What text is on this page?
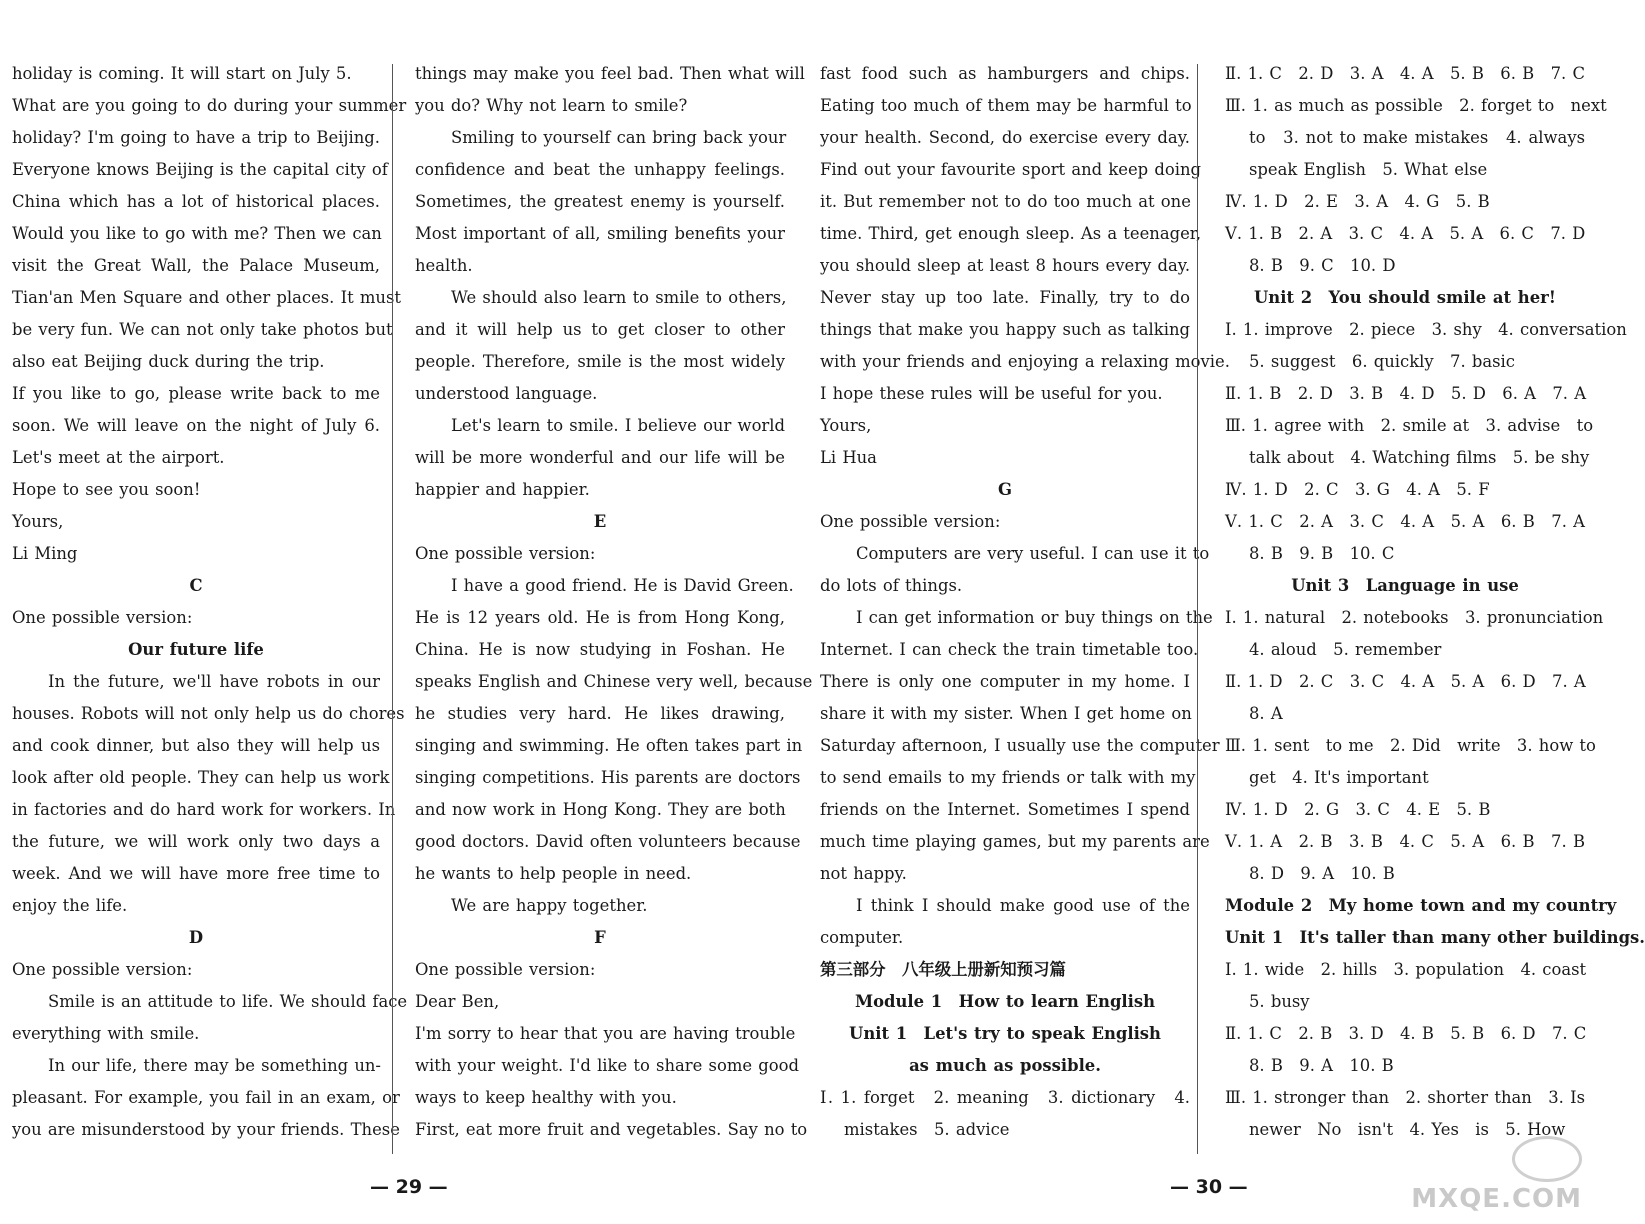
holiday is coming. It will start on July 5.
What are you going to do during your summer
holiday? I'm going to have a trip to Beijing.
Everyone knows Beijing is the capital city of
China which has a lot of historical places.
Would you like to go with me? Then we can
visit the Great Wall, the Palace Museum,
Tian'an Men Square and other places. It must
be very fun. We can not only take photos but
also eat Beijing duck during the trip.
If you like to go, please write back to me
soon. We will leave on the night of July 6.
Let's meet at the airport.
Hope to see you soon!
Yours,
Li Ming
C
One possible version:
Our future life
In the future, we'll have robots in our
houses. Robots will not only help us do chores
and cook dinner, but also they will help us
look after old people. They can help us work
in factories and do hard work for workers. In
the future, we will work only two days a
week. And we will have more free time to
enjoy the life.
D
One possible version:
Smile is an attitude to life. We should face
everything with smile.
In our life, there may be something un-
pleasant. For example, you fail in an exam, or
you are misunderstood by your friends. These
things may make you feel bad. Then what will
you do? Why not learn to smile?
Smiling to yourself can bring back your
confidence and beat the unhappy feelings.
Sometimes, the greatest enemy is yourself.
Most important of all, smiling benefits your
health.
We should also learn to smile to others,
and it will help us to get closer to other
people. Therefore, smile is the most widely
understood language.
Let's learn to smile. I believe our world
will be more wonderful and our life will be
happier and happier.
E
One possible version:
I have a good friend. He is David Green.
He is 12 years old. He is from Hong Kong,
China. He is now studying in Foshan. He
speaks English and Chinese very well, because
he studies very hard. He likes drawing,
singing and swimming. He often takes part in
singing competitions. His parents are doctors
and now work in Hong Kong. They are both
good doctors. David often volunteers because
he wants to help people in need.
We are happy together.
F
One possible version:
Dear Ben,
I'm sorry to hear that you are having trouble
with your weight. I'd like to share some good
ways to keep healthy with you.
First, eat more fruit and vegetables. Say no to
fast food such as hamburgers and chips.
Eating too much of them may be harmful to
your health. Second, do exercise every day.
Find out your favourite sport and keep doing
it. But remember not to do too much at one
time. Third, get enough sleep. As a teenager,
you should sleep at least 8 hours every day.
Never stay up too late. Finally, try to do
things that make you happy such as talking
with your friends and enjoying a relaxing movie.
I hope these rules will be useful for you.
Yours,
Li Hua
G
One possible version:
Computers are very useful. I can use it to
do lots of things.
I can get information or buy things on the
Internet. I can check the train timetable too.
There is only one computer in my home. I
share it with my sister. When I get home on
Saturday afternoon, I usually use the computer
to send emails to my friends or talk with my
friends on the Internet. Sometimes I spend
much time playing games, but my parents are
not happy.
I think I should make good use of the
computer.
第三部分　八年级上册新知预习篇
Module 1　How to learn English
Unit 1　Let's try to speak English
as much as possible.
Ⅰ. 1. forget　2. meaning　3. dictionary　4.
mistakes　5. advice
Ⅱ. 1. C　2. D　3. A　4. A　5. B　6. B　7. C
Ⅲ. 1. as much as possible　2. forget to　next
to　3. not to make mistakes　4. always
speak English　5. What else
Ⅳ. 1. D　2. E　3. A　4. G　5. B
Ⅴ. 1. B　2. A　3. C　4. A　5. A　6. C　7. D
8. B　9. C　10. D
Unit 2　You should smile at her!
Ⅰ. 1. improve　2. piece　3. shy　4. conversation
5. suggest　6. quickly　7. basic
Ⅱ. 1. B　2. D　3. B　4. D　5. D　6. A　7. A
Ⅲ. 1. agree with　2. smile at　3. advise　to
talk about　4. Watching films　5. be shy
Ⅳ. 1. D　2. C　3. G　4. A　5. F
Ⅴ. 1. C　2. A　3. C　4. A　5. A　6. B　7. A
8. B　9. B　10. C
Unit 3　Language in use
Ⅰ. 1. natural　2. notebooks　3. pronunciation
4. aloud　5. remember
Ⅱ. 1. D　2. C　3. C　4. A　5. A　6. D　7. A
8. A
Ⅲ. 1. sent　to me　2. Did　write　3. how to
get　4. It's important
Ⅳ. 1. D　2. G　3. C　4. E　5. B
Ⅴ. 1. A　2. B　3. B　4. C　5. A　6. B　7. B
8. D　9. A　10. B
Module 2　My home town and my country
Unit 1　It's taller than many other buildings.
Ⅰ. 1. wide　2. hills　3. population　4. coast
5. busy
Ⅱ. 1. C　2. B　3. D　4. B　5. B　6. D　7. C
8. B　9. A　10. B
Ⅲ. 1. stronger than　2. shorter than　3. Is
newer　No　isn't　4. Yes　is　5. How
— 29 —	— 30 —	MXQE.COM
